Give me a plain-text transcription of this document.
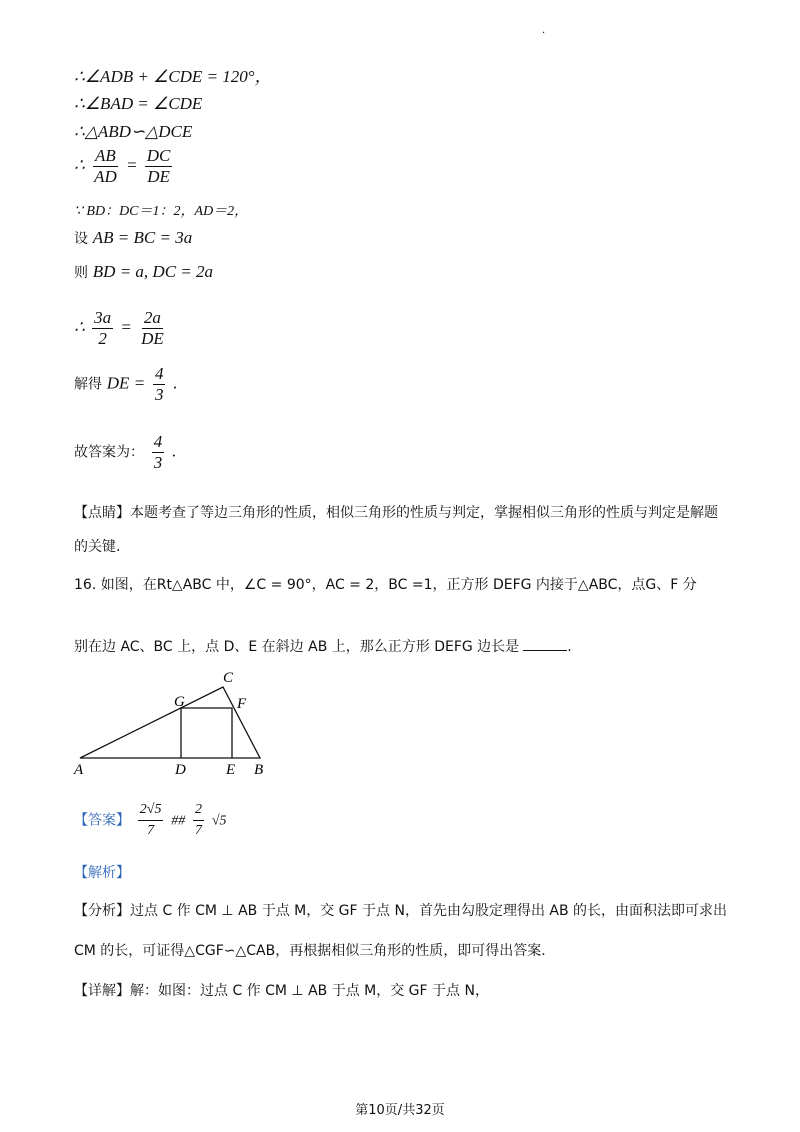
·
∴∠ADB + ∠CDE = 120°，
∴∠BAD = ∠CDE
∴△ABD∽△DCE
∴ $\frac{AB}{AD} = \frac{DC}{DE}$
∵ BD：DC＝1：2，AD＝2，
设 AB = BC = 3a
则 BD = a, DC = 2a
∴ $\frac{3a}{2} = \frac{2a}{DE}$
解得 DE = $\frac{4}{3}$ .
故答案为： $\frac{4}{3}$ .
【点睛】本题考查了等边三角形的性质，相似三角形的性质与判定，掌握相似三角形的性质与判定是解题
的关键.
16. 如图，在Rt△ABC 中，∠C = 90°，AC = 2，BC =1，正方形 DEFG 内接于△ABC，点G、F 分
别在边 AC、BC 上，点 D、E 在斜边 AB 上，那么正方形 DEFG 边长是	.
C
G	F
A	D	E B
【答案】 $\frac{2√5}{7}$ ## $\frac{2}{7} √5$
【解析】
【分析】过点 C 作 CM ⊥ AB 于点 M，交 GF 于点 N，首先由勾股定理得出 AB 的长，由面积法即可求出
CM 的长，可证得△CGF∽△CAB，再根据相似三角形的性质，即可得出答案.
【详解】解：如图：过点 C 作 CM ⊥ AB 于点 M，交 GF 于点 N，
第10页/共32页
